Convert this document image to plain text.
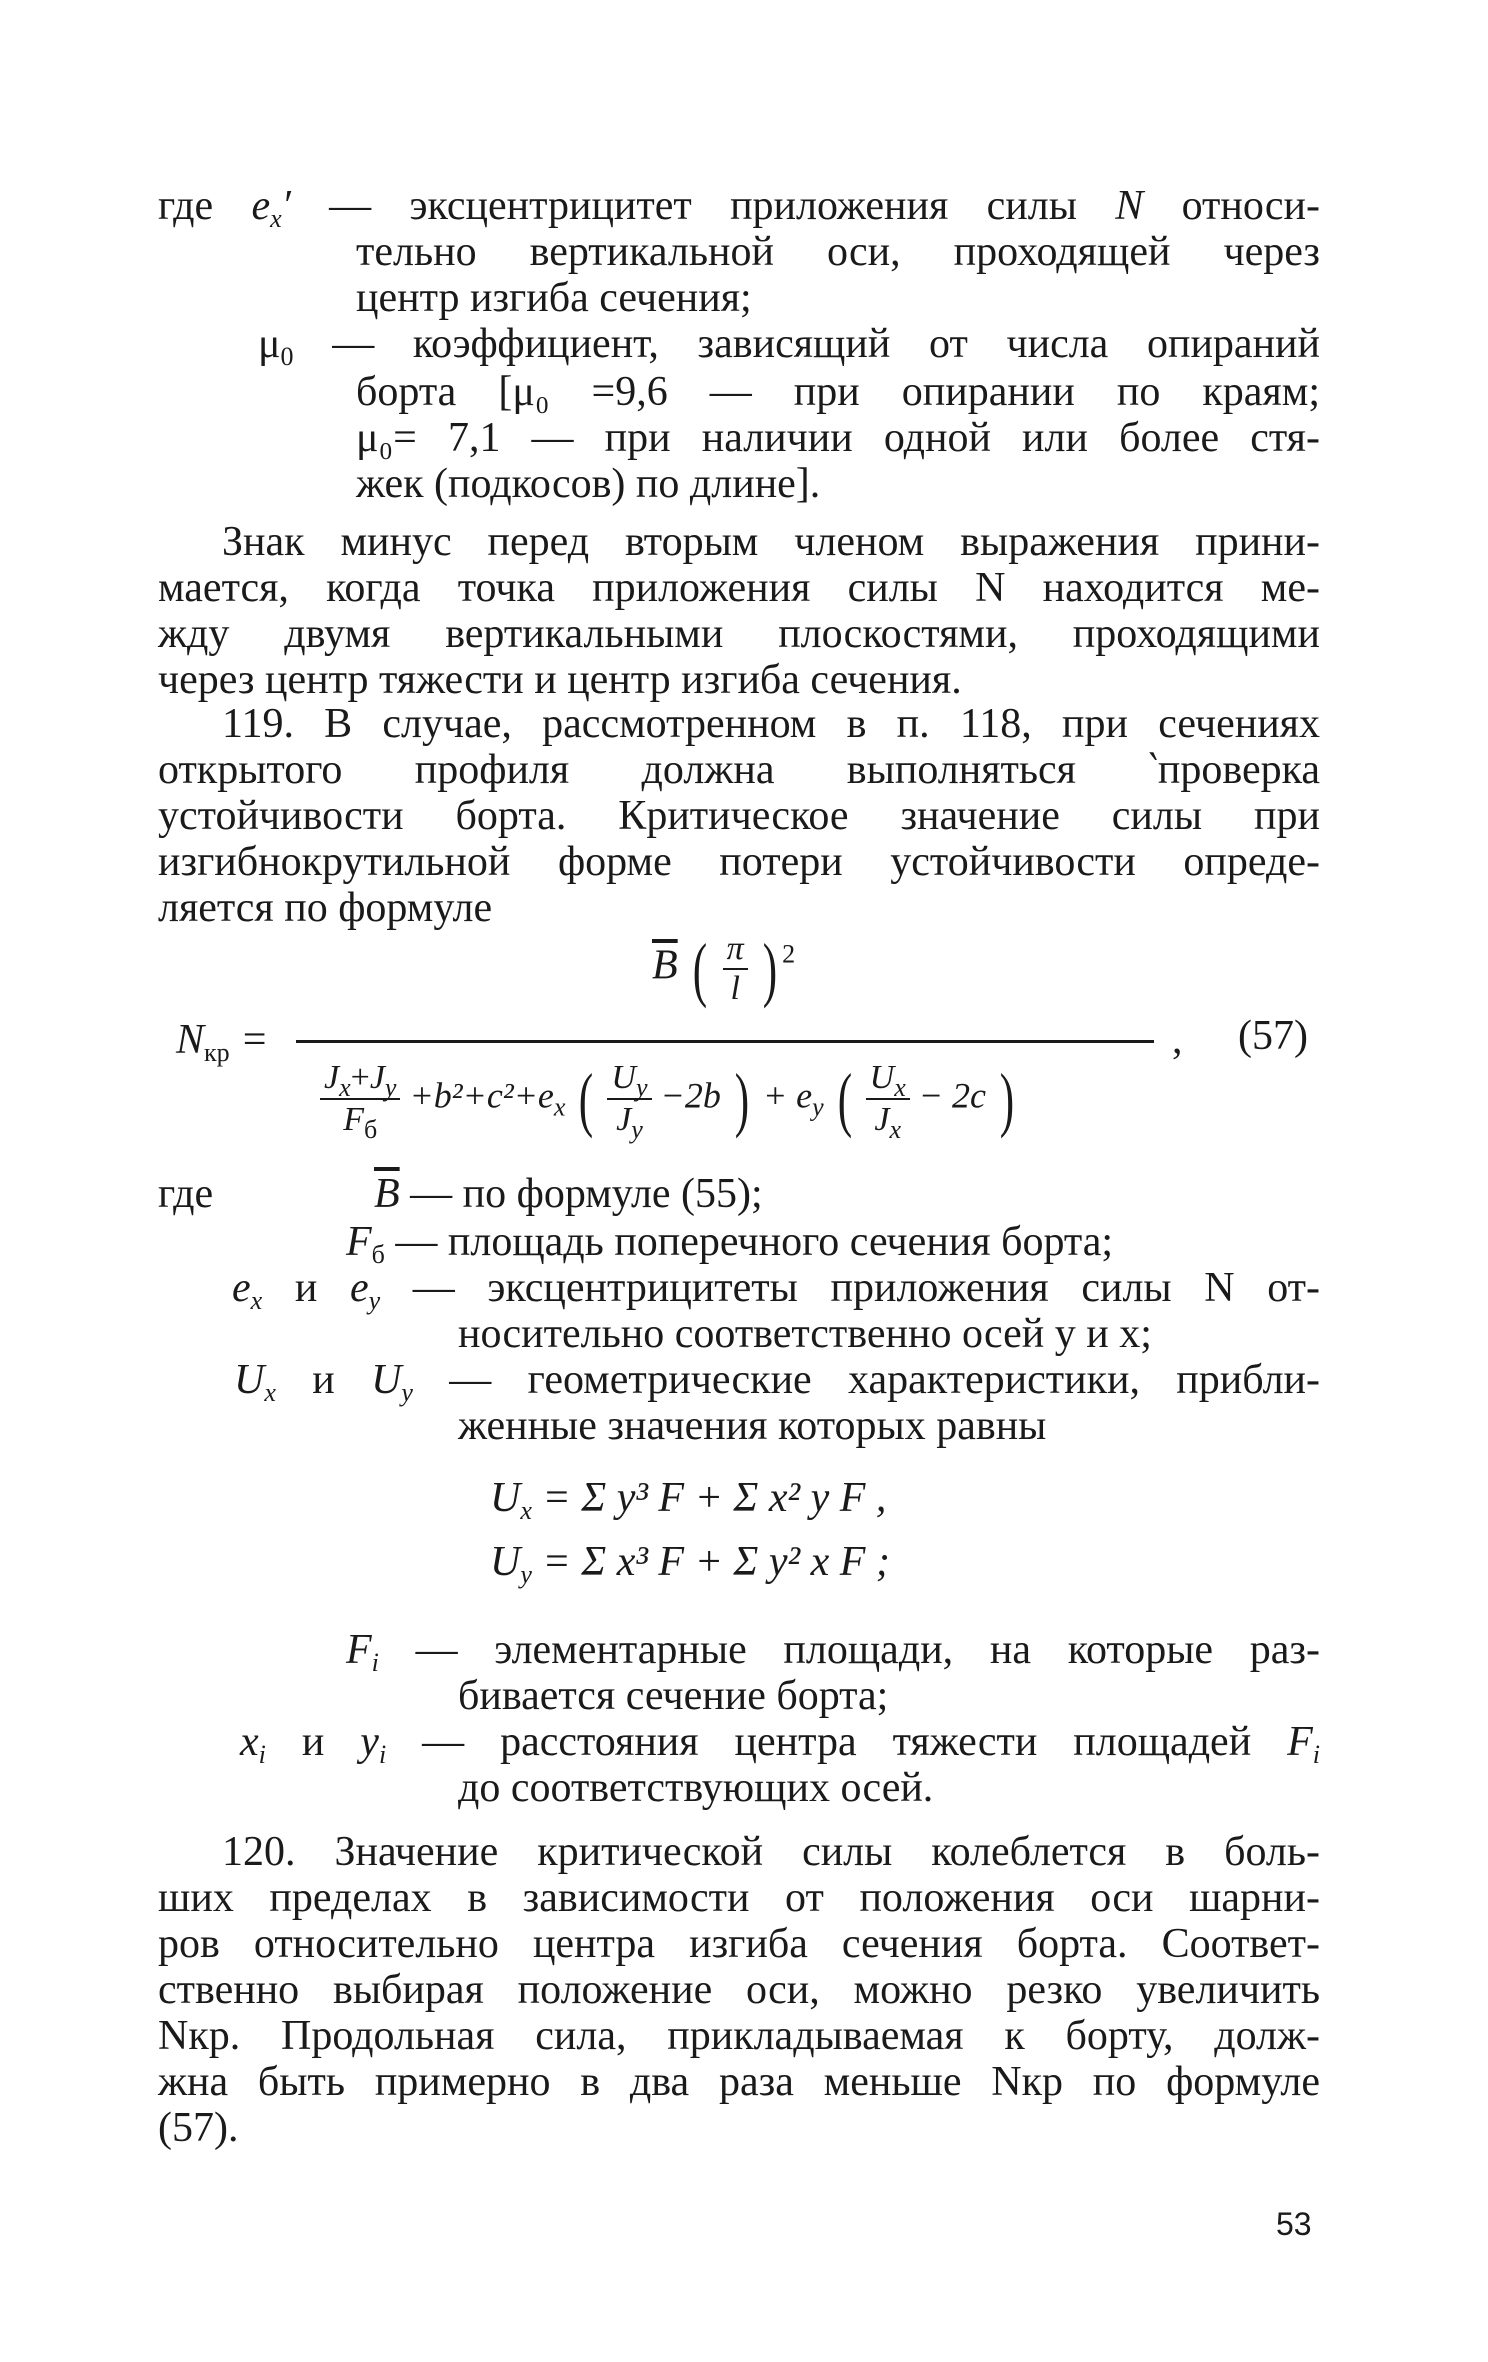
где $e_x'$ — эксцентрицитет приложения силы N относи-
тельно вертикальной оси, проходящей через
центр изгиба сечения;
$\mu_0$ — коэффициент, зависящий от числа опираний
борта [μ₀ =9,6 — при опирании по краям;
μ₀= 7,1 — при наличии одной или более стя-
жек (подкосов) по длине].
Знак минус перед вторым членом выражения прини-
мается, когда точка приложения силы N находится ме-
жду двумя вертикальными плоскостями, проходящими
через центр тяжести и центр изгиба сечения.
119. В случае, рассмотренном в п. 118, при сечениях
открытого профиля должна выполняться ‵проверка
устойчивости борта. Критическое значение силы при
изгибнокрутильной форме потери устойчивости опреде-
ляется по формуле
$N_{кр}$ =
$\overline{B}$ ( $\frac{\pi}{l}$ ) $^2$
$\frac{J_x+J_y}{F_б} +b^2+c^2+e_x$ ( $\frac{U_y}{J_y} -2b$ ) + $e_y$ ( $\frac{U_x}{J_x} - 2c$ )
, (57)
где	$\overline{B}$ — по формуле (55);
$F_б$ — площадь поперечного сечения борта;
$e_x$ и $e_y$ — эксцентрицитеты приложения силы N от-
носительно соответственно осей y и x;
$U_x$ и $U_y$ — геометрические характеристики, прибли-
женные значения которых равны
$U_x = \Sigma$ y³ F + Σ x² y F ,
$U_y = \Sigma$ x³ F + Σ y² x F ;
$F_i$ — элементарные площади, на которые раз-
бивается сечение борта;
$x_i$ и $y_i$ — расстояния центра тяжести площадей $F_i$
до соответствующих осей.
120. Значение критической силы колеблется в боль-
ших пределах в зависимости от положения оси шарни-
ров относительно центра изгиба сечения борта. Соответ-
ственно выбирая положение оси, можно резко увеличить
Nкр. Продольная сила, прикладываемая к борту, долж-
жна быть примерно в два раза меньше Nкр по формуле
(57).
53
